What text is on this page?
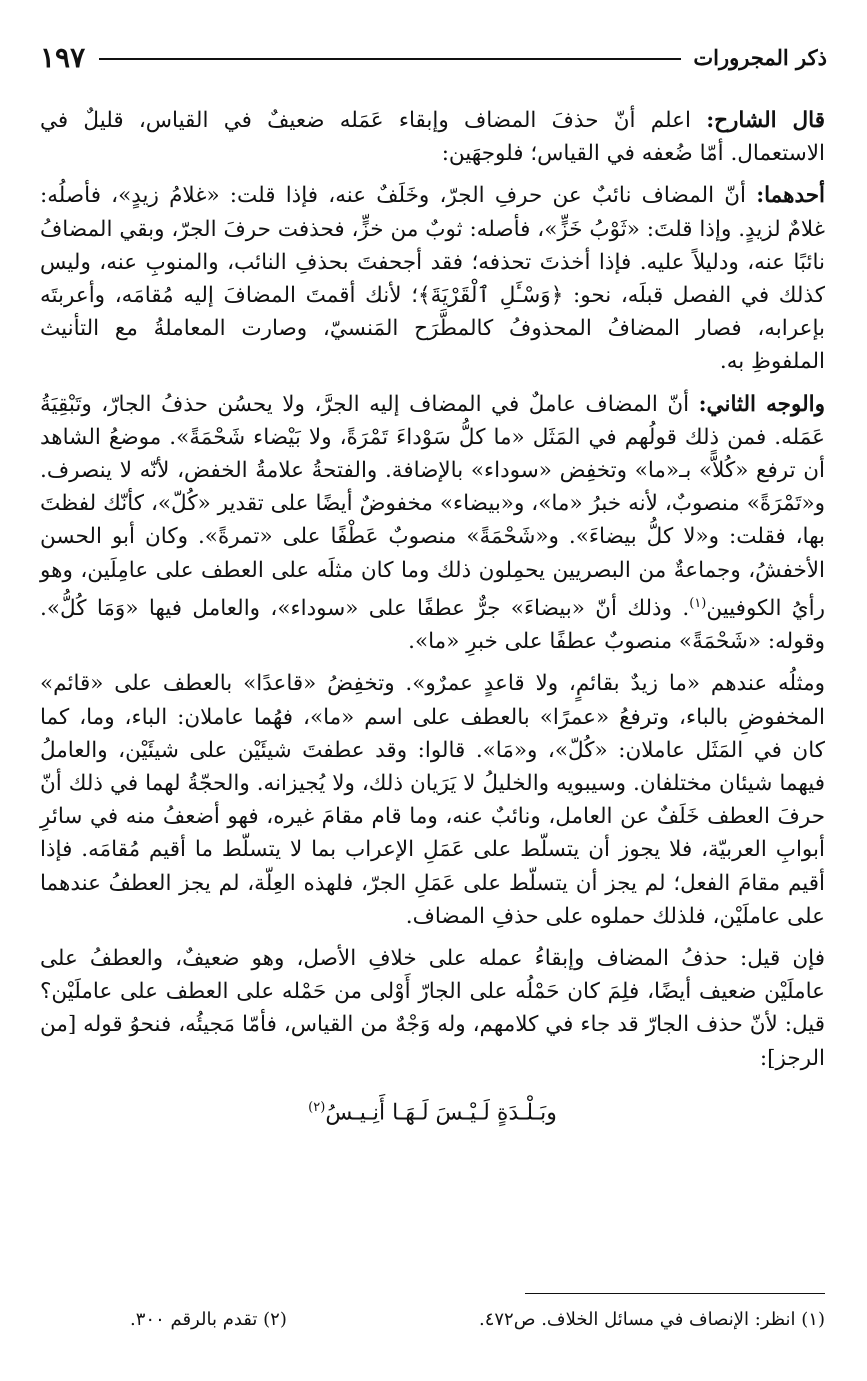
ذكر المجرورات
١٩٧

قال الشارح: اعلم أنّ حذفَ المضاف وإبقاء عَمَله ضعيفٌ في القياس، قليلٌ في الاستعمال. أمّا ضُعفه في القياس؛ فلوجهَين:

أحدهما: أنّ المضاف نائبٌ عن حرفِ الجرّ، وخَلَفٌ عنه، فإذا قلت: «غلامُ زيدٍ»، فأصلُه: غلامٌ لزيدٍ. وإذا قلتَ: «ثَوْبُ خَزٍّ»، فأصله: ثوبٌ من خزٍّ، فحذفت حرفَ الجرّ، وبقي المضافُ نائبًا عنه، ودليلاً عليه. فإذا أخذتَ تحذفه؛ فقد أجحفتَ بحذفِ النائب، والمنوبِ عنه، وليس كذلك في الفصل قبلَه، نحو: ﴿وَسْـَٔلِ ٱلْقَرْيَةَ﴾؛ لأنك أقمتَ المضافَ إليه مُقامَه، وأعربتَه بإعرابه، فصار المضافُ المحذوفُ كالمطَّرَح المَنسيّ، وصارت المعاملةُ مع التأنيث الملفوظِ به.

والوجه الثاني: أنّ المضاف عاملٌ في المضاف إليه الجرَّ، ولا يحسُن حذفُ الجارّ، وتَبْقِيَةُ عَمَله. فمن ذلك قولُهم في المَثَل «ما كلُّ سَوْداءَ تَمْرَةً، ولا بَيْضاء شَحْمَةً». موضعُ الشاهد أن ترفع «كُلاًّ» بـ«ما» وتخفِض «سوداء» بالإضافة. والفتحةُ علامةُ الخفض، لأنّه لا ينصرف. و«تَمْرَةً» منصوبٌ، لأنه خبرُ «ما»، و«بيضاء» مخفوضٌ أيضًا على تقدير «كُلّ»، كأنّك لفظتَ بها، فقلت: و«لا كلُّ بيضاءَ». و«شَحْمَةً» منصوبٌ عَطْفًا على «تمرةً». وكان أبو الحسن الأخفشُ، وجماعةٌ من البصريين يحمِلون ذلك وما كان مثلَه على العطف على عامِلَين، وهو رأيُ الكوفيين$^{(١)}$. وذلك أنّ «بيضاءَ» جرٌّ عطفًا على «سوداء»، والعامل فيها «وَمَا كُلُّ». وقوله: «شَحْمَةً» منصوبٌ عطفًا على خبرِ «ما».

ومثلُه عندهم «ما زيدٌ بقائمٍ، ولا قاعدٍ عمرٌو». وتخفِضُ «قاعدًا» بالعطف على «قائم» المخفوضِ بالباء، وترفعُ «عمرًا» بالعطف على اسم «ما»، فهُما عاملان: الباء، وما، كما كان في المَثَل عاملان: «كُلّ»، و«مَا». قالوا: وقد عطفتَ شيئَيْن على شيئَيْن، والعاملُ فيهما شيئان مختلفان. وسيبويه والخليلُ لا يَرَيان ذلك، ولا يُجيزانه. والحجّةُ لهما في ذلك أنّ حرفَ العطف خَلَفٌ عن العامل، ونائبٌ عنه، وما قام مقامَ غيره، فهو أضعفُ منه في سائرِ أبوابِ العربيّة، فلا يجوز أن يتسلّط على عَمَلِ الإعراب بما لا يتسلّط ما أقيم مُقامَه. فإذا أقيم مقامَ الفعل؛ لم يجز أن يتسلّط على عَمَلِ الجرّ، فلهذه العِلّة، لم يجز العطفُ عندهما على عاملَيْن، فلذلك حملوه على حذفِ المضاف.

فإن قيل: حذفُ المضاف وإبقاءُ عمله على خلافِ الأصل، وهو ضعيفٌ، والعطفُ على عاملَيْن ضعيف أيضًا، فلِمَ كان حَمْلُه على الجارّ أَوْلى من حَمْله على العطف على عاملَيْن؟ قيل: لأنّ حذف الجارّ قد جاء في كلامهم، وله وَجْهٌ من القياس، فأمّا مَجيئُه، فنحوُ قوله [من الرجز]:

وبَـلْـدَةٍ لَـيْـسَ لَـهَـا أَنِـيـسُ$^{(٢)}$

(١) انظر: الإنصاف في مسائل الخلاف. ص٤٧٢.
(٢) تقدم بالرقم ٣٠٠.
